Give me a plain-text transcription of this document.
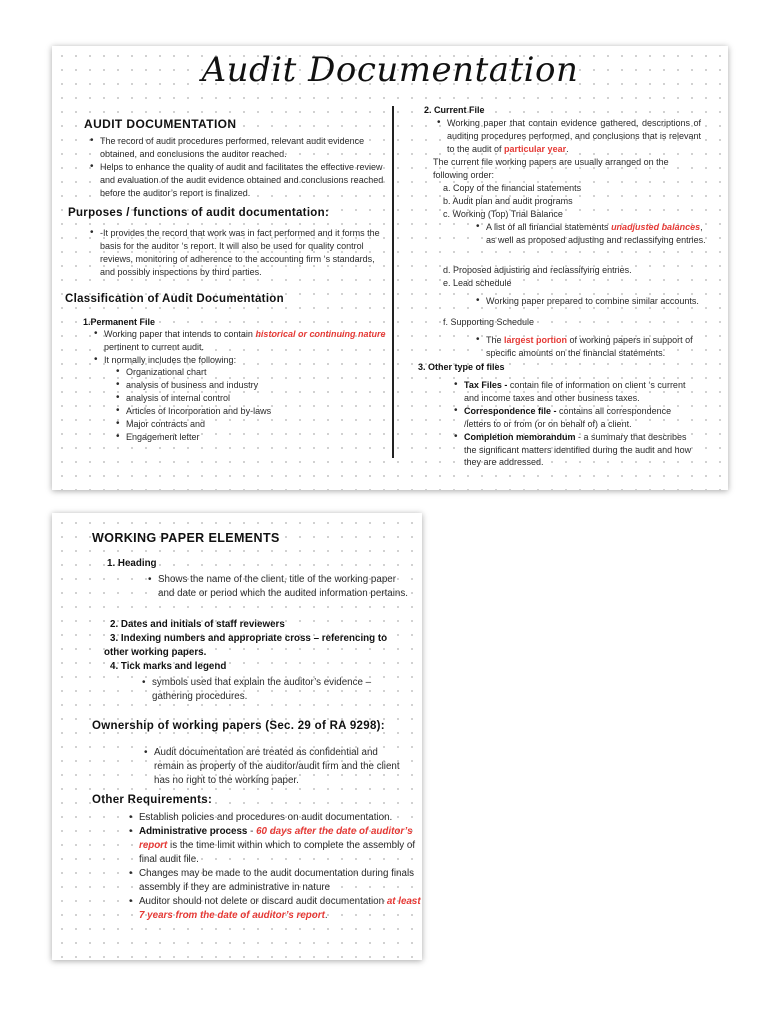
Audit Documentation
AUDIT DOCUMENTATION
• The record of audit procedures performed, relevant audit evidence obtained, and conclusions the auditor reached.
• Helps to enhance the quality of audit and facilitates the effective review and evaluation of the audit evidence obtained and conclusions reached before the auditor’s report is finalized.
Purposes / functions of audit documentation:
• -It provides the record that work was in fact performed and it forms the basis for the auditor ‘s report. It will also be used for quality control reviews, monitoring of adherence to the accounting firm ‘s standards, and possibly inspections by third parties.
Classification of Audit Documentation
1.Permanent File
• Working paper that intends to contain historical or continuing nature pertinent to current audit.
• It normally includes the following:
• Organizational chart
• analysis of business and industry
• analysis of internal control
• Articles of Incorporation and by-laws
• Major contracts and
• Engagement letter
2. Current File
• Working paper that contain evidence gathered, descriptions of auditing procedures performed, and conclusions that is relevant to the audit of particular year.
The current file working papers are usually arranged on the following order:
a. Copy of the financial statements
b. Audit plan and audit programs
c. Working (Top) Trial Balance
• A list of all financial statements unadjusted balances, as well as proposed adjusting and reclassifying entries.
d. Proposed adjusting and reclassifying entries.
e. Lead schedule
• Working paper prepared to combine similar accounts.
f. Supporting Schedule
• The largest portion of working papers in support of specific amounts on the financial statements.
3. Other type of files
• Tax Files - contain file of information on client ‘s current and income taxes and other business taxes.
• Correspondence file - contains all correspondence /letters to or from (or on behalf of) a client.
• Completion memorandum - a summary that describes the significant matters identified during the audit and how they are addressed.
WORKING PAPER ELEMENTS
1. Heading
• Shows the name of the client, title of the working paper and date or period which the audited information pertains.
2. Dates and initials of staff reviewers
3. Indexing numbers and appropriate cross – referencing to other working papers.
4. Tick marks and legend
• symbols used that explain the auditor’s evidence – gathering procedures.
Ownership of working papers (Sec. 29 of RA 9298):
• Audit documentation are treated as confidential and remain as property of the auditor/audit firm and the client has no right to the working paper.
Other Requirements:
• Establish policies and procedures on audit documentation.
• Administrative process - 60 days after the date of auditor’s report is the time limit within which to complete the assembly of final audit file.
• Changes may be made to the audit documentation during finals assembly if they are administrative in nature
• Auditor should not delete or discard audit documentation at least 7 years from the date of auditor’s report.
